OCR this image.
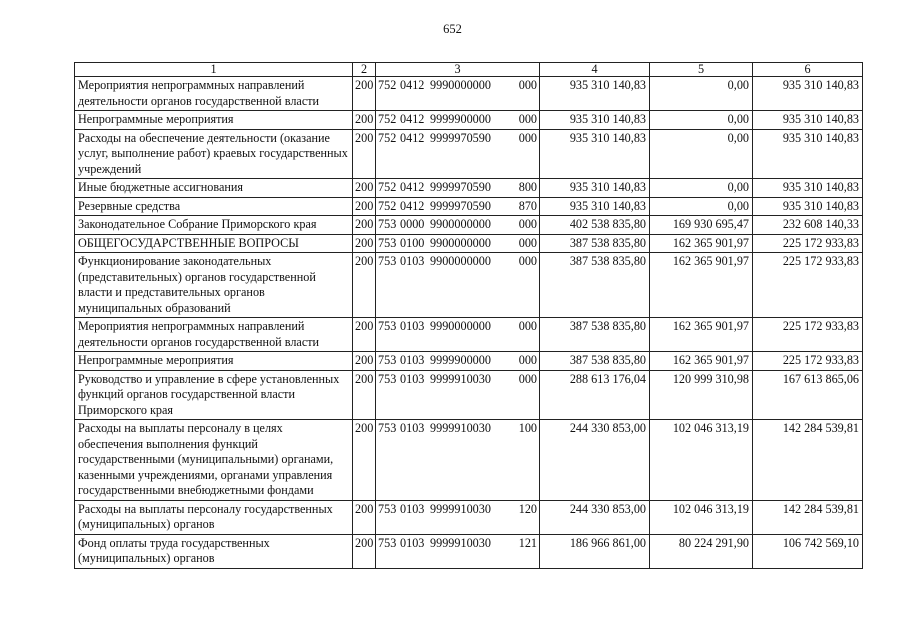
652
1	2	3	4	5	6
Мероприятия непрограммных направлений деятельности органов государственной власти	200	752 0412 9990000000 000	935 310 140,83	0,00	935 310 140,83
Непрограммные мероприятия	200	752 0412 9999900000 000	935 310 140,83	0,00	935 310 140,83
Расходы на обеспечение деятельности (оказание услуг, выполнение работ) краевых государственных учреждений	200	752 0412 9999970590 000	935 310 140,83	0,00	935 310 140,83
Иные бюджетные ассигнования	200	752 0412 9999970590 800	935 310 140,83	0,00	935 310 140,83
Резервные средства	200	752 0412 9999970590 870	935 310 140,83	0,00	935 310 140,83
Законодательное Собрание Приморского края	200	753 0000 9900000000 000	402 538 835,80	169 930 695,47	232 608 140,33
ОБЩЕГОСУДАРСТВЕННЫЕ ВОПРОСЫ	200	753 0100 9900000000 000	387 538 835,80	162 365 901,97	225 172 933,83
Функционирование законодательных (представительных) органов государственной власти и представительных органов муниципальных образований	200	753 0103 9900000000 000	387 538 835,80	162 365 901,97	225 172 933,83
Мероприятия непрограммных направлений деятельности органов государственной власти	200	753 0103 9990000000 000	387 538 835,80	162 365 901,97	225 172 933,83
Непрограммные мероприятия	200	753 0103 9999900000 000	387 538 835,80	162 365 901,97	225 172 933,83
Руководство и управление в сфере установленных функций органов государственной власти Приморского края	200	753 0103 9999910030 000	288 613 176,04	120 999 310,98	167 613 865,06
Расходы на выплаты персоналу в целях обеспечения выполнения функций государственными (муниципальными) органами, казенными учреждениями, органами управления государственными внебюджетными фондами	200	753 0103 9999910030 100	244 330 853,00	102 046 313,19	142 284 539,81
Расходы на выплаты персоналу государственных (муниципальных) органов	200	753 0103 9999910030 120	244 330 853,00	102 046 313,19	142 284 539,81
Фонд оплаты труда государственных (муниципальных) органов	200	753 0103 9999910030 121	186 966 861,00	80 224 291,90	106 742 569,10
